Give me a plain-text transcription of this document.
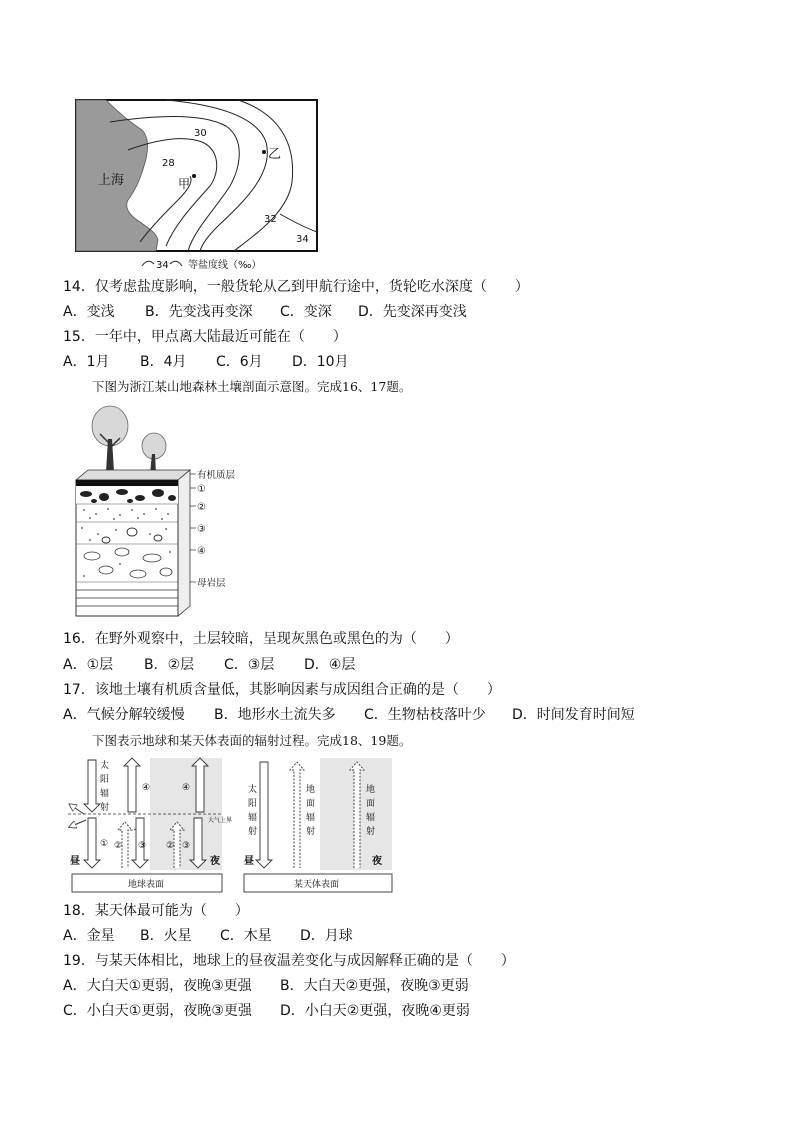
上海
28
30
32
34
甲
乙
34 等盐度线（‰）
14．仅考虑盐度影响，一般货轮从乙到甲航行途中，货轮吃水深度（　　）
A．变浅 B．先变浅再变深 C．变深 D．先变深再变浅
15．一年中，甲点离大陆最近可能在（　　）
A．1月 B．4月 C．6月 D．10月
下图为浙江某山地森林土壤剖面示意图。完成16、17题。
有机质层
①
②
③
④
母岩层
16．在野外观察中，土层较暗，呈现灰黑色或黑色的为（　　）
A．①层 B．②层 C．③层 D．④层
17．该地土壤有机质含量低，其影响因素与成因组合正确的是（　　）
A．气候分解较缓慢 B．地形水土流失多 C．生物枯枝落叶少 D．时间发育时间短
下图表示地球和某天体表面的辐射过程。完成18、19题。
太
阳
辐
射
④	④
大气上界
① ② ③ ② ③
昼	夜
地球表面
太
阳
辐
射
地
面
辐
射
地
面
辐
射
昼	夜
某天体表面
18．某天体最可能为（　　）
A．金星 B．火星 C．木星 D．月球
19．与某天体相比，地球上的昼夜温差变化与成因解释正确的是（　　）
A．大白天①更弱，夜晚③更强 B．大白天②更强，夜晚③更弱
C．小白天①更弱，夜晚③更强 D．小白天②更强，夜晚④更弱
